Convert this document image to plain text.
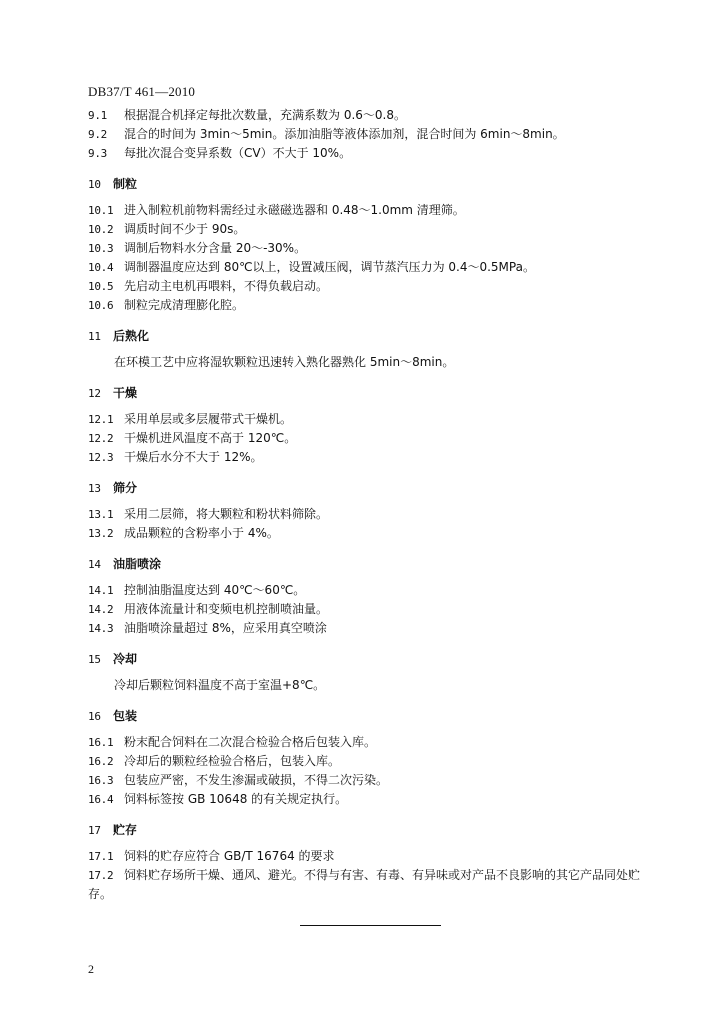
DB37/T 461—2010
9.1	根据混合机择定每批次数量，充满系数为 0.6～0.8。
9.2	混合的时间为 3min～5min。添加油脂等液体添加剂，混合时间为 6min～8min。
9.3	每批次混合变异系数（CV）不大于 10%。
10	制粒
10.1 进入制粒机前物料需经过永磁磁选器和 0.48～1.0mm 清理筛。
10.2 调质时间不少于 90s。
10.3 调制后物料水分含量 20～-30%。
10.4 调制器温度应达到 80℃以上，设置减压阀，调节蒸汽压力为 0.4～0.5MPa。
10.5 先启动主电机再喂料，不得负载启动。
10.6 制粒完成清理膨化腔。
11	后熟化

在环模工艺中应将湿软颗粒迅速转入熟化器熟化 5min～8min。

12	干燥
12.1 采用单层或多层履带式干燥机。
12.2 干燥机进风温度不高于 120℃。
12.3 干燥后水分不大于 12%。
13	筛分
13.1 采用二层筛，将大颗粒和粉状料筛除。
13.2 成品颗粒的含粉率小于 4%。
14	油脂喷涂
14.1 控制油脂温度达到 40℃～60℃。
14.2 用液体流量计和变频电机控制喷油量。
14.3 油脂喷涂量超过 8%，应采用真空喷涂
15	冷却

冷却后颗粒饲料温度不高于室温+8℃。

16	包装
16.1 粉末配合饲料在二次混合检验合格后包装入库。
16.2 冷却后的颗粒经检验合格后，包装入库。
16.3 包装应严密，不发生渗漏或破损，不得二次污染。
16.4 饲料标签按 GB 10648 的有关规定执行。
17	贮存
17.1 饲料的贮存应符合 GB/T 16764 的要求
17.2 饲料贮存场所干燥、通风、避光。不得与有害、有毒、有异味或对产品不良影响的其它产品同处贮存。
2
